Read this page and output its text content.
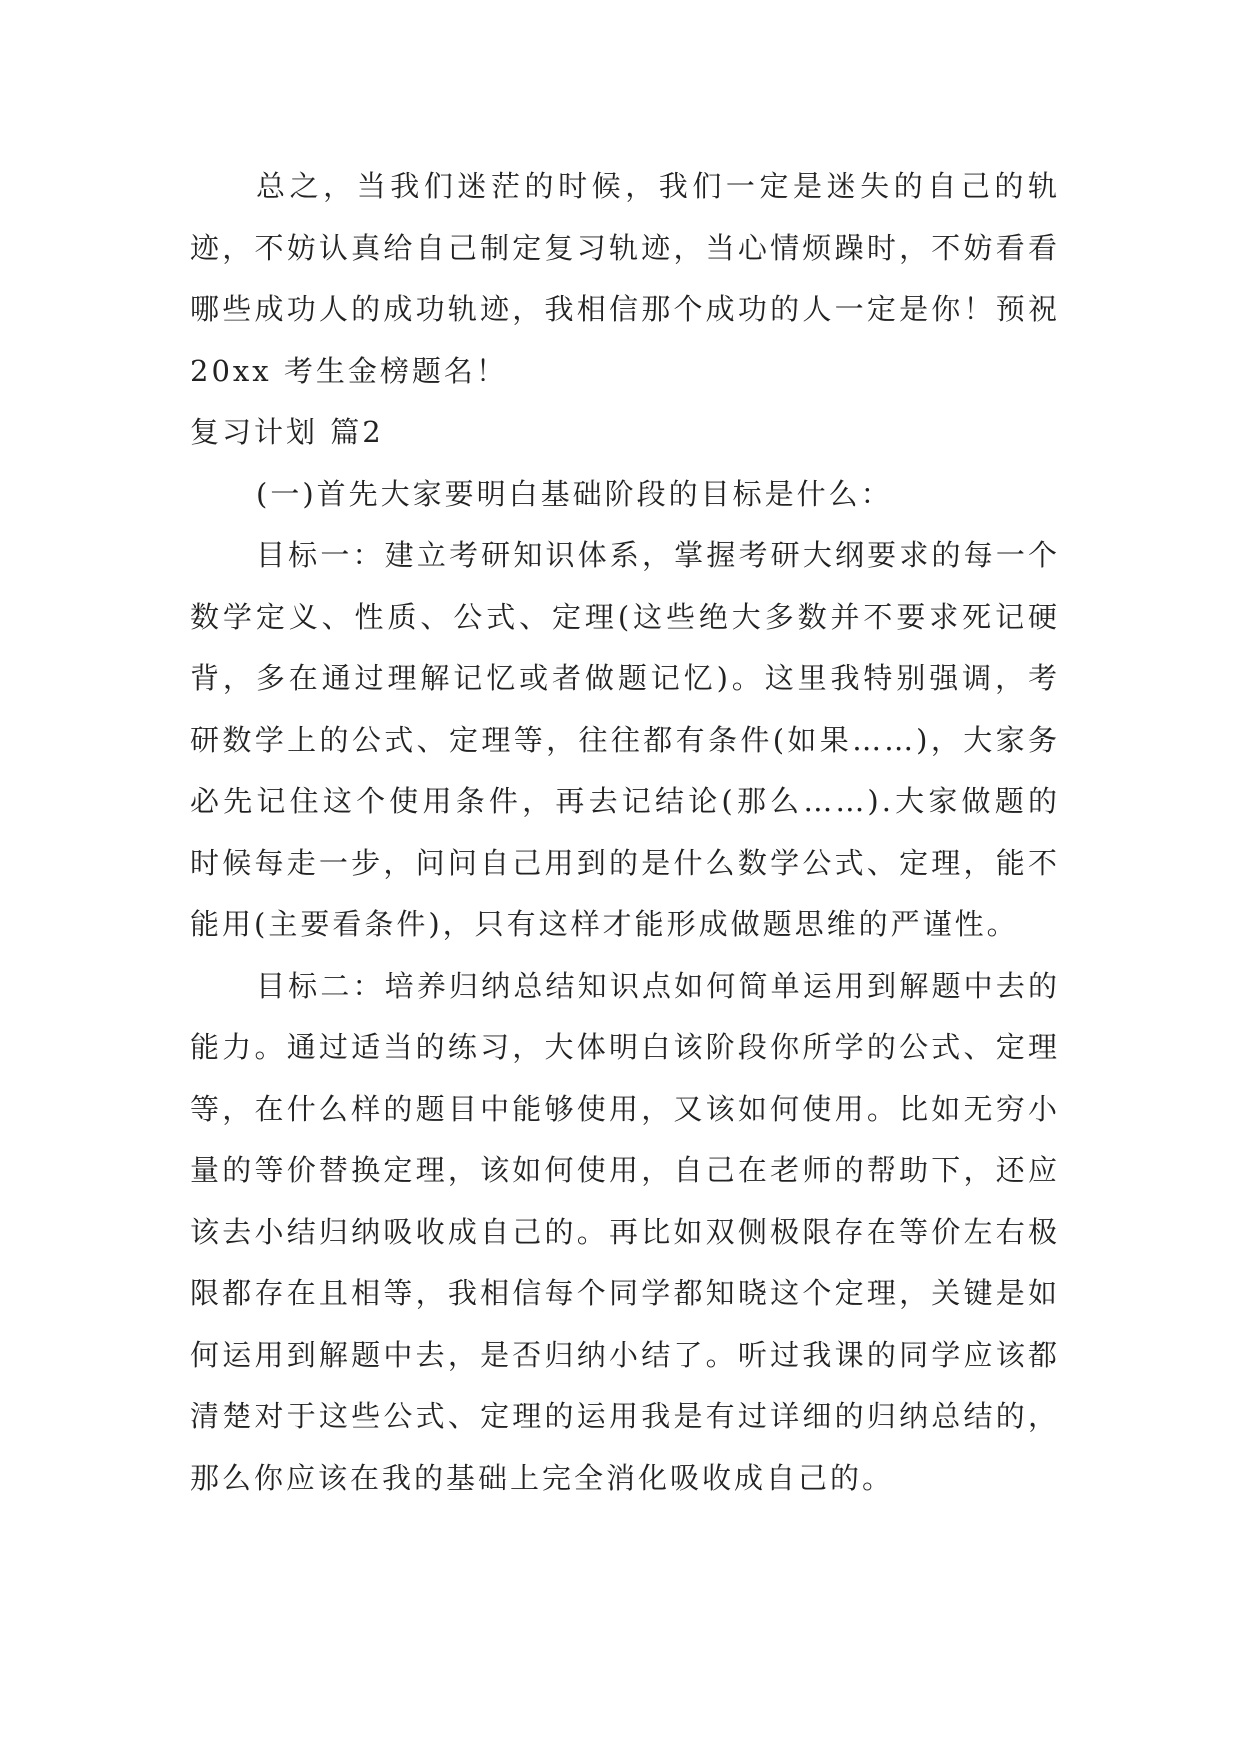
总之，当我们迷茫的时候，我们一定是迷失的自己的轨迹，不妨认真给自己制定复习轨迹，当心情烦躁时，不妨看看哪些成功人的成功轨迹，我相信那个成功的人一定是你！预祝 20xx 考生金榜题名！

复习计划 篇2

(一)首先大家要明白基础阶段的目标是什么：

目标一：建立考研知识体系，掌握考研大纲要求的每一个数学定义、性质、公式、定理(这些绝大多数并不要求死记硬背，多在通过理解记忆或者做题记忆)。这里我特别强调，考研数学上的公式、定理等，往往都有条件(如果……)，大家务必先记住这个使用条件，再去记结论(那么……).大家做题的时候每走一步，问问自己用到的是什么数学公式、定理，能不能用(主要看条件)，只有这样才能形成做题思维的严谨性。

目标二：培养归纳总结知识点如何简单运用到解题中去的能力。通过适当的练习，大体明白该阶段你所学的公式、定理等，在什么样的题目中能够使用，又该如何使用。比如无穷小量的等价替换定理，该如何使用，自己在老师的帮助下，还应该去小结归纳吸收成自己的。再比如双侧极限存在等价左右极限都存在且相等，我相信每个同学都知晓这个定理，关键是如何运用到解题中去，是否归纳小结了。听过我课的同学应该都清楚对于这些公式、定理的运用我是有过详细的归纳总结的，那么你应该在我的基础上完全消化吸收成自己的。
